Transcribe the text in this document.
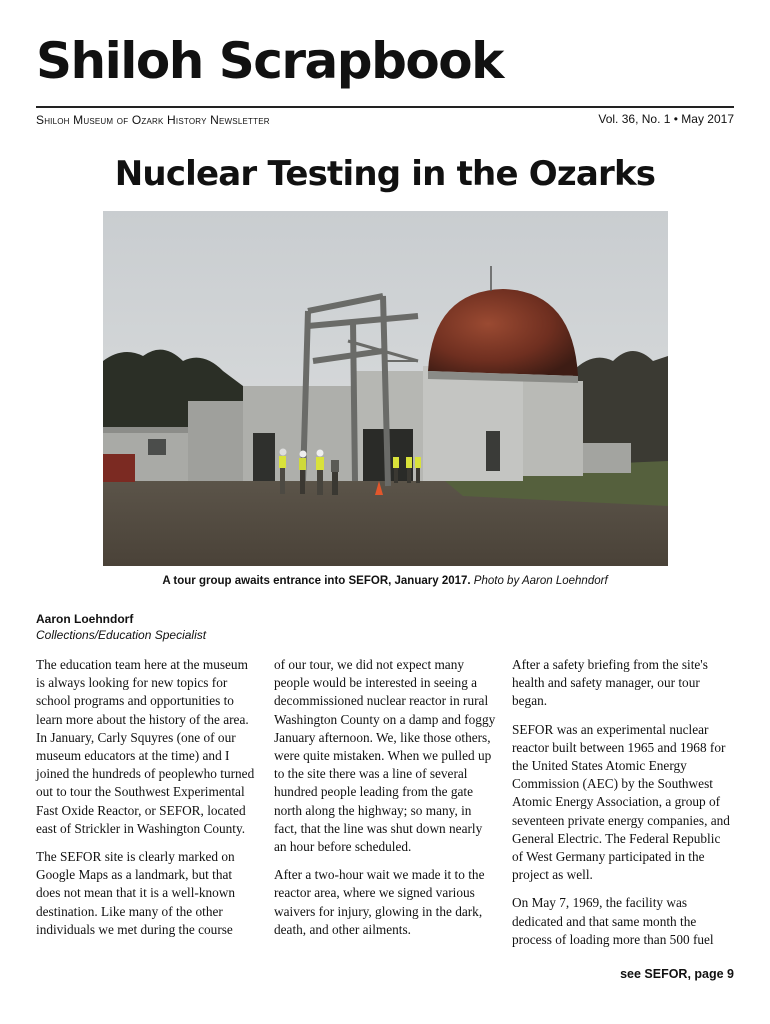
Shiloh Scrapbook
Shiloh Museum of Ozark History Newsletter	Vol. 36, No. 1 • May 2017
Nuclear Testing in the Ozarks
A tour group awaits entrance into SEFOR, January 2017. Photo by Aaron Loehndorf
Aaron Loehndorf
Collections/Education Specialist

The education team here at the museum is always looking for new topics for school programs and opportunities to learn more about the history of the area. In January, Carly Squyres (one of our museum educators at the time) and I joined the hundreds of peoplewho turned out to tour the Southwest Experimental Fast Oxide Reactor, or SEFOR, located east of Strickler in Washington County.

The SEFOR site is clearly marked on Google Maps as a landmark, but that does not mean that it is a well-known destination. Like many of the other individuals we met during the course

of our tour, we did not expect many people would be interested in seeing a decommissioned nuclear reactor in rural Washington County on a damp and foggy January afternoon. We, like those others, were quite mistaken. When we pulled up to the site there was a line of several hundred people leading from the gate north along the highway; so many, in fact, that the line was shut down nearly an hour before scheduled.

After a two-hour wait we made it to the reactor area, where we signed various waivers for injury, glowing in the dark, death, and other ailments.

After a safety briefing from the site's health and safety manager, our tour began.

SEFOR was an experimental nuclear reactor built between 1965 and 1968 for the United States Atomic Energy Commission (AEC) by the Southwest Atomic Energy Association, a group of seventeen private energy companies, and General Electric. The Federal Republic of West Germany participated in the project as well.

On May 7, 1969, the facility was dedicated and that same month the process of loading more than 500 fuel

see SEFOR, page 9
